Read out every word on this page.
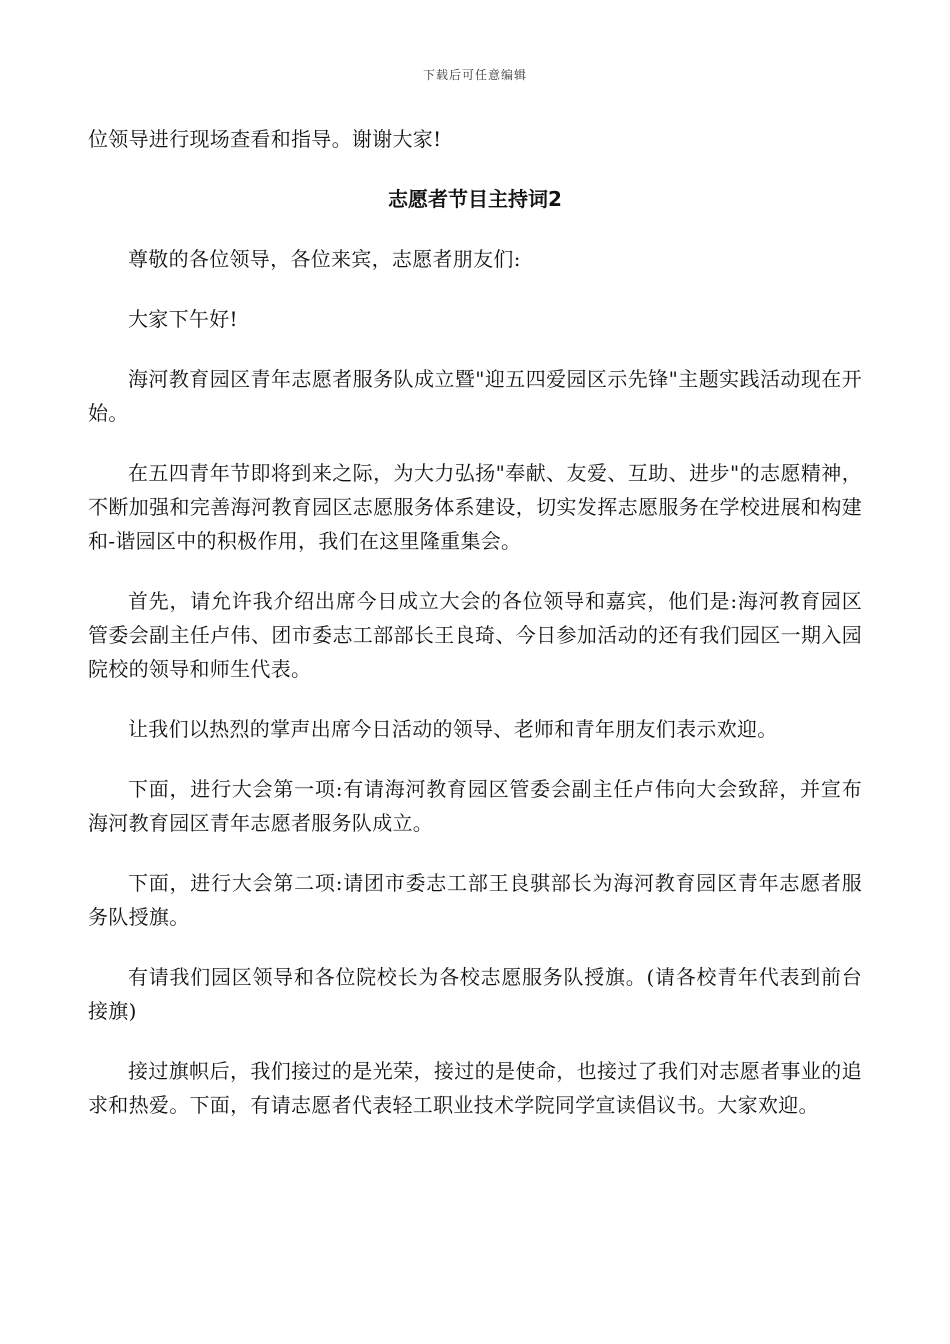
下载后可任意编辑

位领导进行现场查看和指导。谢谢大家!

志愿者节目主持词2

尊敬的各位领导，各位来宾，志愿者朋友们:

大家下午好!

海河教育园区青年志愿者服务队成立暨"迎五四爱园区示先锋"主题实践活动现在开始。

在五四青年节即将到来之际，为大力弘扬"奉献、友爱、互助、进步"的志愿精神，不断加强和完善海河教育园区志愿服务体系建设，切实发挥志愿服务在学校进展和构建和-谐园区中的积极作用，我们在这里隆重集会。

首先，请允许我介绍出席今日成立大会的各位领导和嘉宾，他们是:海河教育园区管委会副主任卢伟、团市委志工部部长王良琦、今日参加活动的还有我们园区一期入园院校的领导和师生代表。

让我们以热烈的掌声出席今日活动的领导、老师和青年朋友们表示欢迎。

下面，进行大会第一项:有请海河教育园区管委会副主任卢伟向大会致辞，并宣布海河教育园区青年志愿者服务队成立。

下面，进行大会第二项:请团市委志工部王良骐部长为海河教育园区青年志愿者服务队授旗。

有请我们园区领导和各位院校长为各校志愿服务队授旗。(请各校青年代表到前台接旗)

接过旗帜后，我们接过的是光荣，接过的是使命，也接过了我们对志愿者事业的追求和热爱。下面，有请志愿者代表轻工职业技术学院同学宣读倡议书。大家欢迎。
